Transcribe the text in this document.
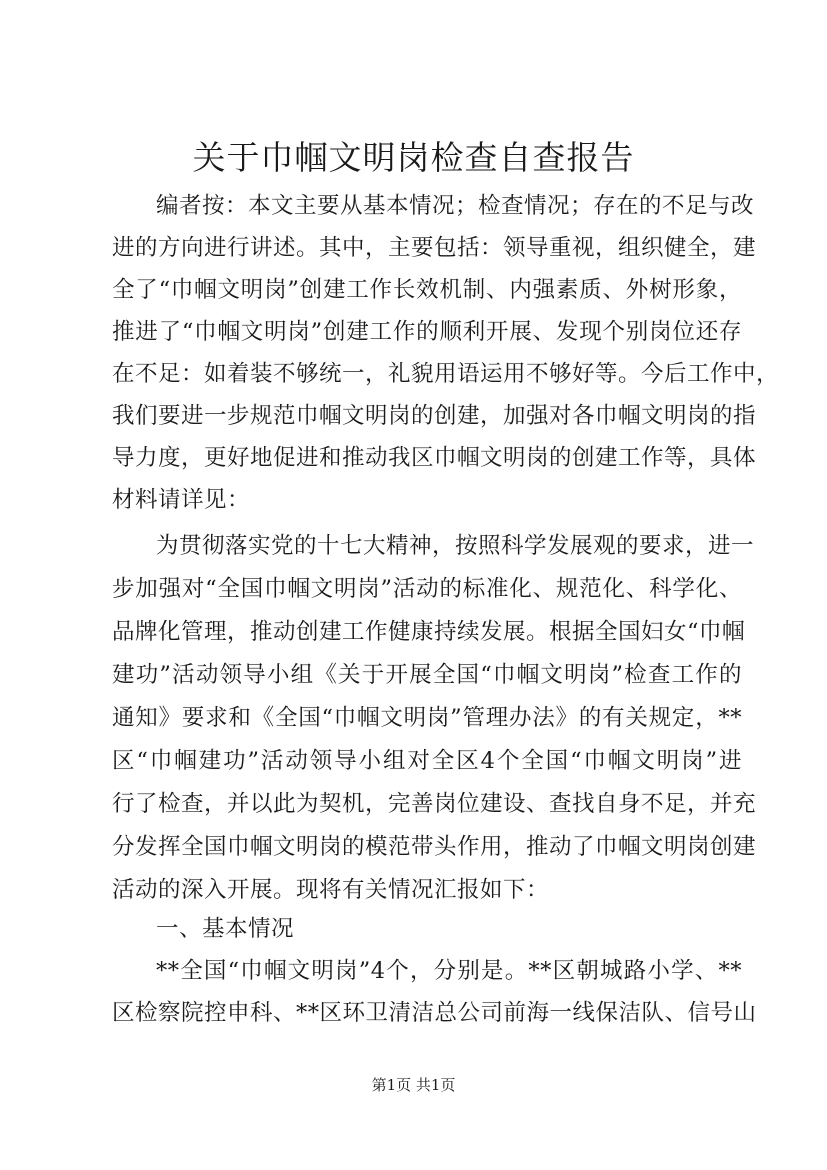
关于巾帼文明岗检查自查报告
编者按：本文主要从基本情况；检查情况；存在的不足与改
进的方向进行讲述。其中，主要包括：领导重视，组织健全，建
全了“巾帼文明岗”创建工作长效机制、内强素质、外树形象，
推进了“巾帼文明岗”创建工作的顺利开展、发现个别岗位还存
在不足：如着装不够统一，礼貌用语运用不够好等。今后工作中，
我们要进一步规范巾帼文明岗的创建，加强对各巾帼文明岗的指
导力度，更好地促进和推动我区巾帼文明岗的创建工作等，具体
材料请详见：
为贯彻落实党的十七大精神，按照科学发展观的要求，进一
步加强对“全国巾帼文明岗”活动的标准化、规范化、科学化、
品牌化管理，推动创建工作健康持续发展。根据全国妇女“巾帼
建功”活动领导小组《关于开展全国“巾帼文明岗”检查工作的
通知》要求和《全国“巾帼文明岗”管理办法》的有关规定，**
区“巾帼建功”活动领导小组对全区4个全国“巾帼文明岗”进
行了检查，并以此为契机，完善岗位建设、查找自身不足，并充
分发挥全国巾帼文明岗的模范带头作用，推动了巾帼文明岗创建
活动的深入开展。现将有关情况汇报如下：
一、基本情况
**全国“巾帼文明岗”4个，分别是。**区朝城路小学、**
区检察院控申科、**区环卫清洁总公司前海一线保洁队、信号山
第1页 共1页
